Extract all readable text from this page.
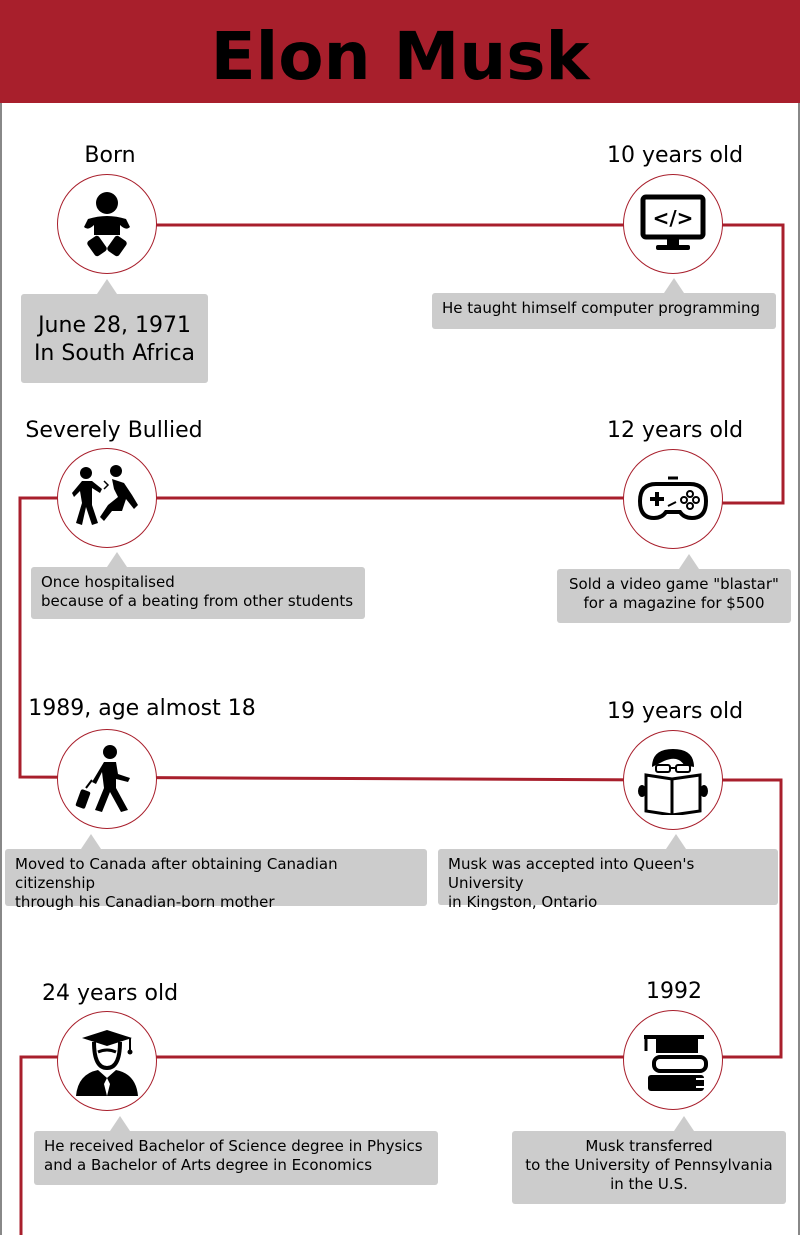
Elon Musk
Born
June 28, 1971
In South Africa
10 years old
</>
He taught himself computer programming
Severely Bullied
Once hospitalised
because of a beating from other students
12 years old
Sold a video game "blastar"
for a magazine for $500
1989, age almost 18
Moved to Canada after obtaining Canadian citizenship
through his Canadian-born mother
19 years old
Musk was accepted into Queen's University
in Kingston, Ontario
24 years old
He received Bachelor of Science degree in Physics
and a Bachelor of Arts degree in Economics
1992
Musk transferred
to the University of Pennsylvania
in the U.S.
